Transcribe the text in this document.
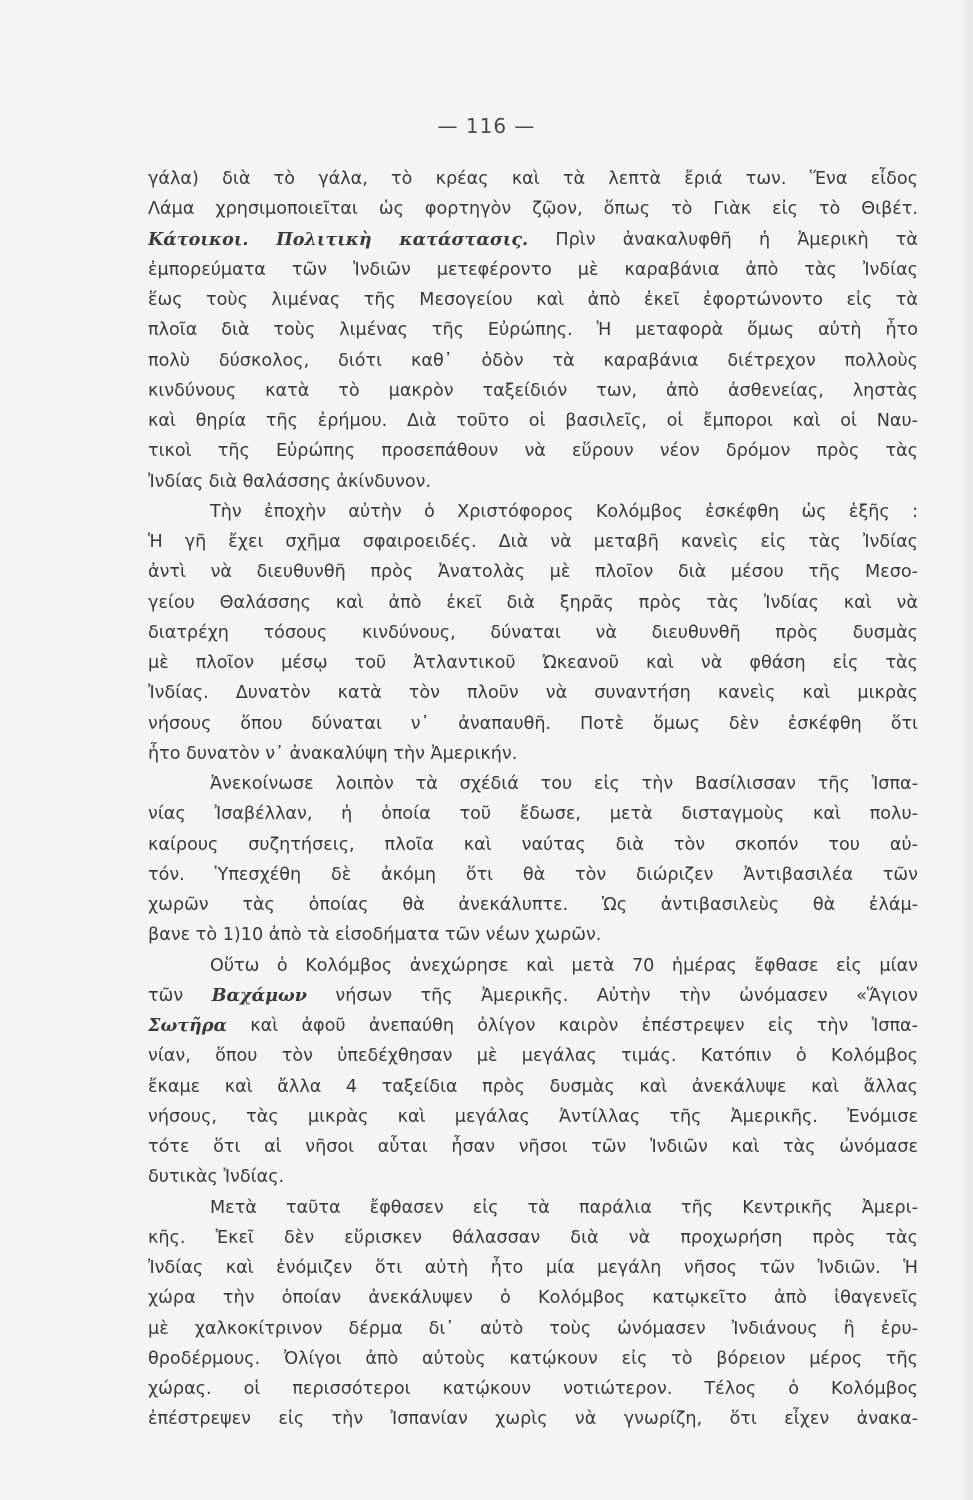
— 116 —
γάλα) διὰ τὸ γάλα, τὸ κρέας καὶ τὰ λεπτὰ ἔριά των. Ἕνα εἶδος
Λάμα χρησιμοποιεῖται ὡς φορτηγὸν ζῷον, ὅπως τὸ Γιὰκ εἰς τὸ Θιβέτ.
Κάτοικοι. Πολιτικὴ κατάστασις. Πρὶν ἀνακαλυφθῆ ἡ Ἀμερικὴ τὰ
ἐμπορεύματα τῶν Ἰνδιῶν μετεφέροντο μὲ καραβάνια ἀπὸ τὰς Ἰνδίας
ἕως τοὺς λιμένας τῆς Μεσογείου καὶ ἀπὸ ἐκεῖ ἐφορτώνοντο εἰς τὰ
πλοῖα διὰ τοὺς λιμένας τῆς Εὐρώπης. Ἡ μεταφορὰ ὅμως αὐτὴ ἦτο
πολὺ δύσκολος, διότι καθ᾽ ὁδὸν τὰ καραβάνια διέτρεχον πολλοὺς
κινδύνους κατὰ τὸ μακρὸν ταξείδιόν των, ἀπὸ ἀσθενείας, ληστὰς
καὶ θηρία τῆς ἐρήμου. Διὰ τοῦτο οἱ βασιλεῖς, οἱ ἔμποροι καὶ οἱ Ναυ-
τικοὶ τῆς Εὐρώπης προσεπάθουν νὰ εὕρουν νέον δρόμον πρὸς τὰς
Ἰνδίας διὰ θαλάσσης ἀκίνδυνον.
Τὴν ἐποχὴν αὐτὴν ὁ Χριστόφορος Κολόμβος ἐσκέφθη ὡς ἑξῆς :
Ἡ γῆ ἔχει σχῆμα σφαιροειδές. Διὰ νὰ μεταβῆ κανεὶς εἰς τὰς Ἰνδίας
ἀντὶ νὰ διευθυνθῆ πρὸς Ἀνατολὰς μὲ πλοῖον διὰ μέσου τῆς Μεσο-
γείου Θαλάσσης καὶ ἀπὸ ἐκεῖ διὰ ξηρᾶς πρὸς τὰς Ἰνδίας καὶ νὰ
διατρέχη τόσους κινδύνους, δύναται νὰ διευθυνθῆ πρὸς δυσμὰς
μὲ πλοῖον μέσῳ τοῦ Ἀτλαντικοῦ Ὠκεανοῦ καὶ νὰ φθάση εἰς τὰς
Ἰνδίας. Δυνατὸν κατὰ τὸν πλοῦν νὰ συναντήση κανεὶς καὶ μικρὰς
νήσους ὅπου δύναται ν᾽ ἀναπαυθῆ. Ποτὲ ὅμως δὲν ἐσκέφθη ὅτι
ἦτο δυνατὸν ν᾽ ἀνακαλύψη τὴν Ἀμερικήν.
Ἀνεκοίνωσε λοιπὸν τὰ σχέδιά του εἰς τὴν Βασίλισσαν τῆς Ἰσπα-
νίας Ἰσαβέλλαν, ἡ ὁποία τοῦ ἔδωσε, μετὰ δισταγμοὺς καὶ πολυ-
καίρους συζητήσεις, πλοῖα καὶ ναύτας διὰ τὸν σκοπόν του αὐ-
τόν. Ὑπεσχέθη δὲ ἀκόμη ὅτι θὰ τὸν διώριζεν Ἀντιβασιλέα τῶν
χωρῶν τὰς ὁποίας θὰ ἀνεκάλυπτε. Ὡς ἀντιβασιλεὺς θὰ ἐλάμ-
βανε τὸ 1)10 ἀπὸ τὰ εἰσοδήματα τῶν νέων χωρῶν.
Οὕτω ὁ Κολόμβος ἀνεχώρησε καὶ μετὰ 70 ἡμέρας ἔφθασε εἰς μίαν
τῶν Βαχάμων νήσων τῆς Ἀμερικῆς. Αὐτὴν τὴν ὠνόμασεν «Ἅγιον
Σωτῆρα καὶ ἀφοῦ ἀνεπαύθη ὀλίγον καιρὸν ἐπέστρεψεν εἰς τὴν Ἰσπα-
νίαν, ὅπου τὸν ὑπεδέχθησαν μὲ μεγάλας τιμάς. Κατόπιν ὁ Κολόμβος
ἔκαμε καὶ ἄλλα 4 ταξείδια πρὸς δυσμὰς καὶ ἀνεκάλυψε καὶ ἄλλας
νήσους, τὰς μικρὰς καὶ μεγάλας Ἀντίλλας τῆς Ἀμερικῆς. Ἐνόμισε
τότε ὅτι αἱ νῆσοι αὗται ἦσαν νῆσοι τῶν Ἰνδιῶν καὶ τὰς ὠνόμασε
δυτικὰς Ἰνδίας.
Μετὰ ταῦτα ἔφθασεν εἰς τὰ παράλια τῆς Κεντρικῆς Ἀμερι-
κῆς. Ἐκεῖ δὲν εὕρισκεν θάλασσαν διὰ νὰ προχωρήση πρὸς τὰς
Ἰνδίας καὶ ἐνόμιζεν ὅτι αὐτὴ ἦτο μία μεγάλη νῆσος τῶν Ἰνδιῶν. Ἡ
χώρα τὴν ὁποίαν ἀνεκάλυψεν ὁ Κολόμβος κατῳκεῖτο ἀπὸ ἰθαγενεῖς
μὲ χαλκοκίτρινον δέρμα δι᾽ αὐτὸ τοὺς ὠνόμασεν Ἰνδιάνους ἢ ἐρυ-
θροδέρμους. Ὀλίγοι ἀπὸ αὐτοὺς κατῴκουν εἰς τὸ βόρειον μέρος τῆς
χώρας. οἱ περισσότεροι κατῴκουν νοτιώτερον. Τέλος ὁ Κολόμβος
ἐπέστρεψεν εἰς τὴν Ἰσπανίαν χωρὶς νὰ γνωρίζη, ὅτι εἶχεν ἀνακα-
